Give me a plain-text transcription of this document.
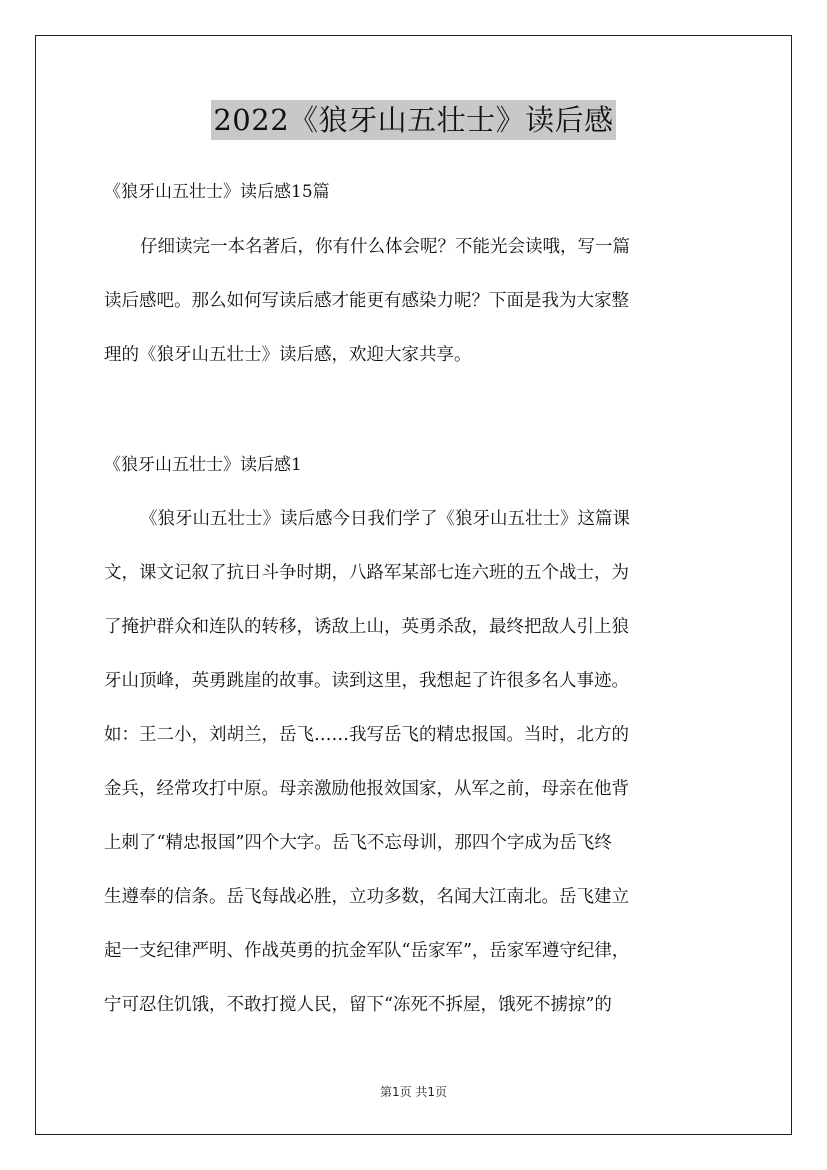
2022《狼牙山五壮士》读后感
《狼牙山五壮士》读后感15篇
仔细读完一本名著后，你有什么体会呢？不能光会读哦，写一篇
读后感吧。那么如何写读后感才能更有感染力呢？下面是我为大家整
理的《狼牙山五壮士》读后感，欢迎大家共享。
《狼牙山五壮士》读后感1
《狼牙山五壮士》读后感今日我们学了《狼牙山五壮士》这篇课
文，课文记叙了抗日斗争时期，八路军某部七连六班的五个战士，为
了掩护群众和连队的转移，诱敌上山，英勇杀敌，最终把敌人引上狼
牙山顶峰，英勇跳崖的故事。读到这里，我想起了许很多名人事迹。
如：王二小，刘胡兰，岳飞……我写岳飞的精忠报国。当时，北方的
金兵，经常攻打中原。母亲激励他报效国家，从军之前，母亲在他背
上刺了“精忠报国”四个大字。岳飞不忘母训，那四个字成为岳飞终
生遵奉的信条。岳飞每战必胜，立功多数，名闻大江南北。岳飞建立
起一支纪律严明、作战英勇的抗金军队“岳家军”，岳家军遵守纪律，
宁可忍住饥饿，不敢打搅人民，留下“冻死不拆屋，饿死不掳掠”的
第1页 共1页
